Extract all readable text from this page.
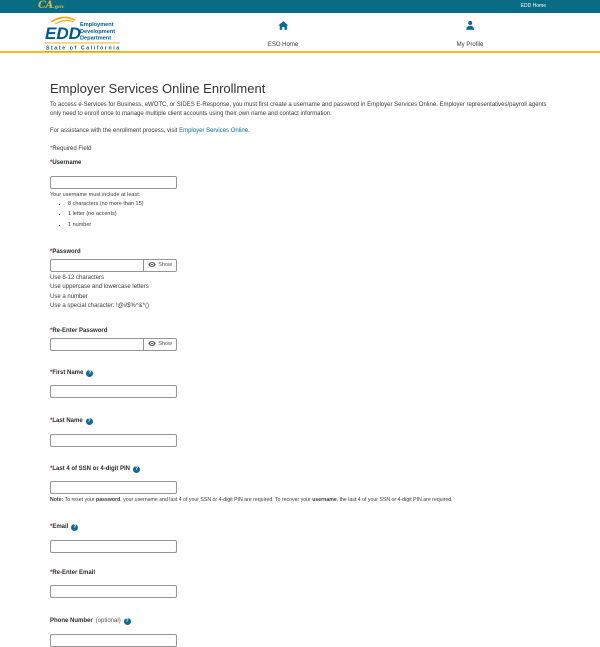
CA.gov	EDD Home
EDD Employment
Development
Department
State of California
ESO Home	My Profile
Employer Services Online Enrollment

To access e-Services for Business, eWOTC, or SIDES E-Response, you must first create a username and password in Employer Services Online. Employer representatives/payroll agents only need to enroll once to manage multiple client accounts using their own name and contact information.

For assistance with the enrollment process, visit Employer Services Online.

*Required Field
*Username
Your username must include at least:
• 8 characters (no more than 15)
• 1 letter (no accents)
• 1 number
*Password
Show
Use 8-12 characters
Use uppercase and lowercase letters
Use a number
Use a special character: !@#$%^&*()
*Re-Enter Password
Show
*First Name ?
*Last Name ?
*Last 4 of SSN or 4-digit PIN ?
Note: To reset your password, your username and last 4 of your SSN or 4-digit PIN are required. To recover your username, the last 4 of your SSN or 4-digit PIN are required.
*Email ?
*Re-Enter Email
Phone Number (optional) ?
